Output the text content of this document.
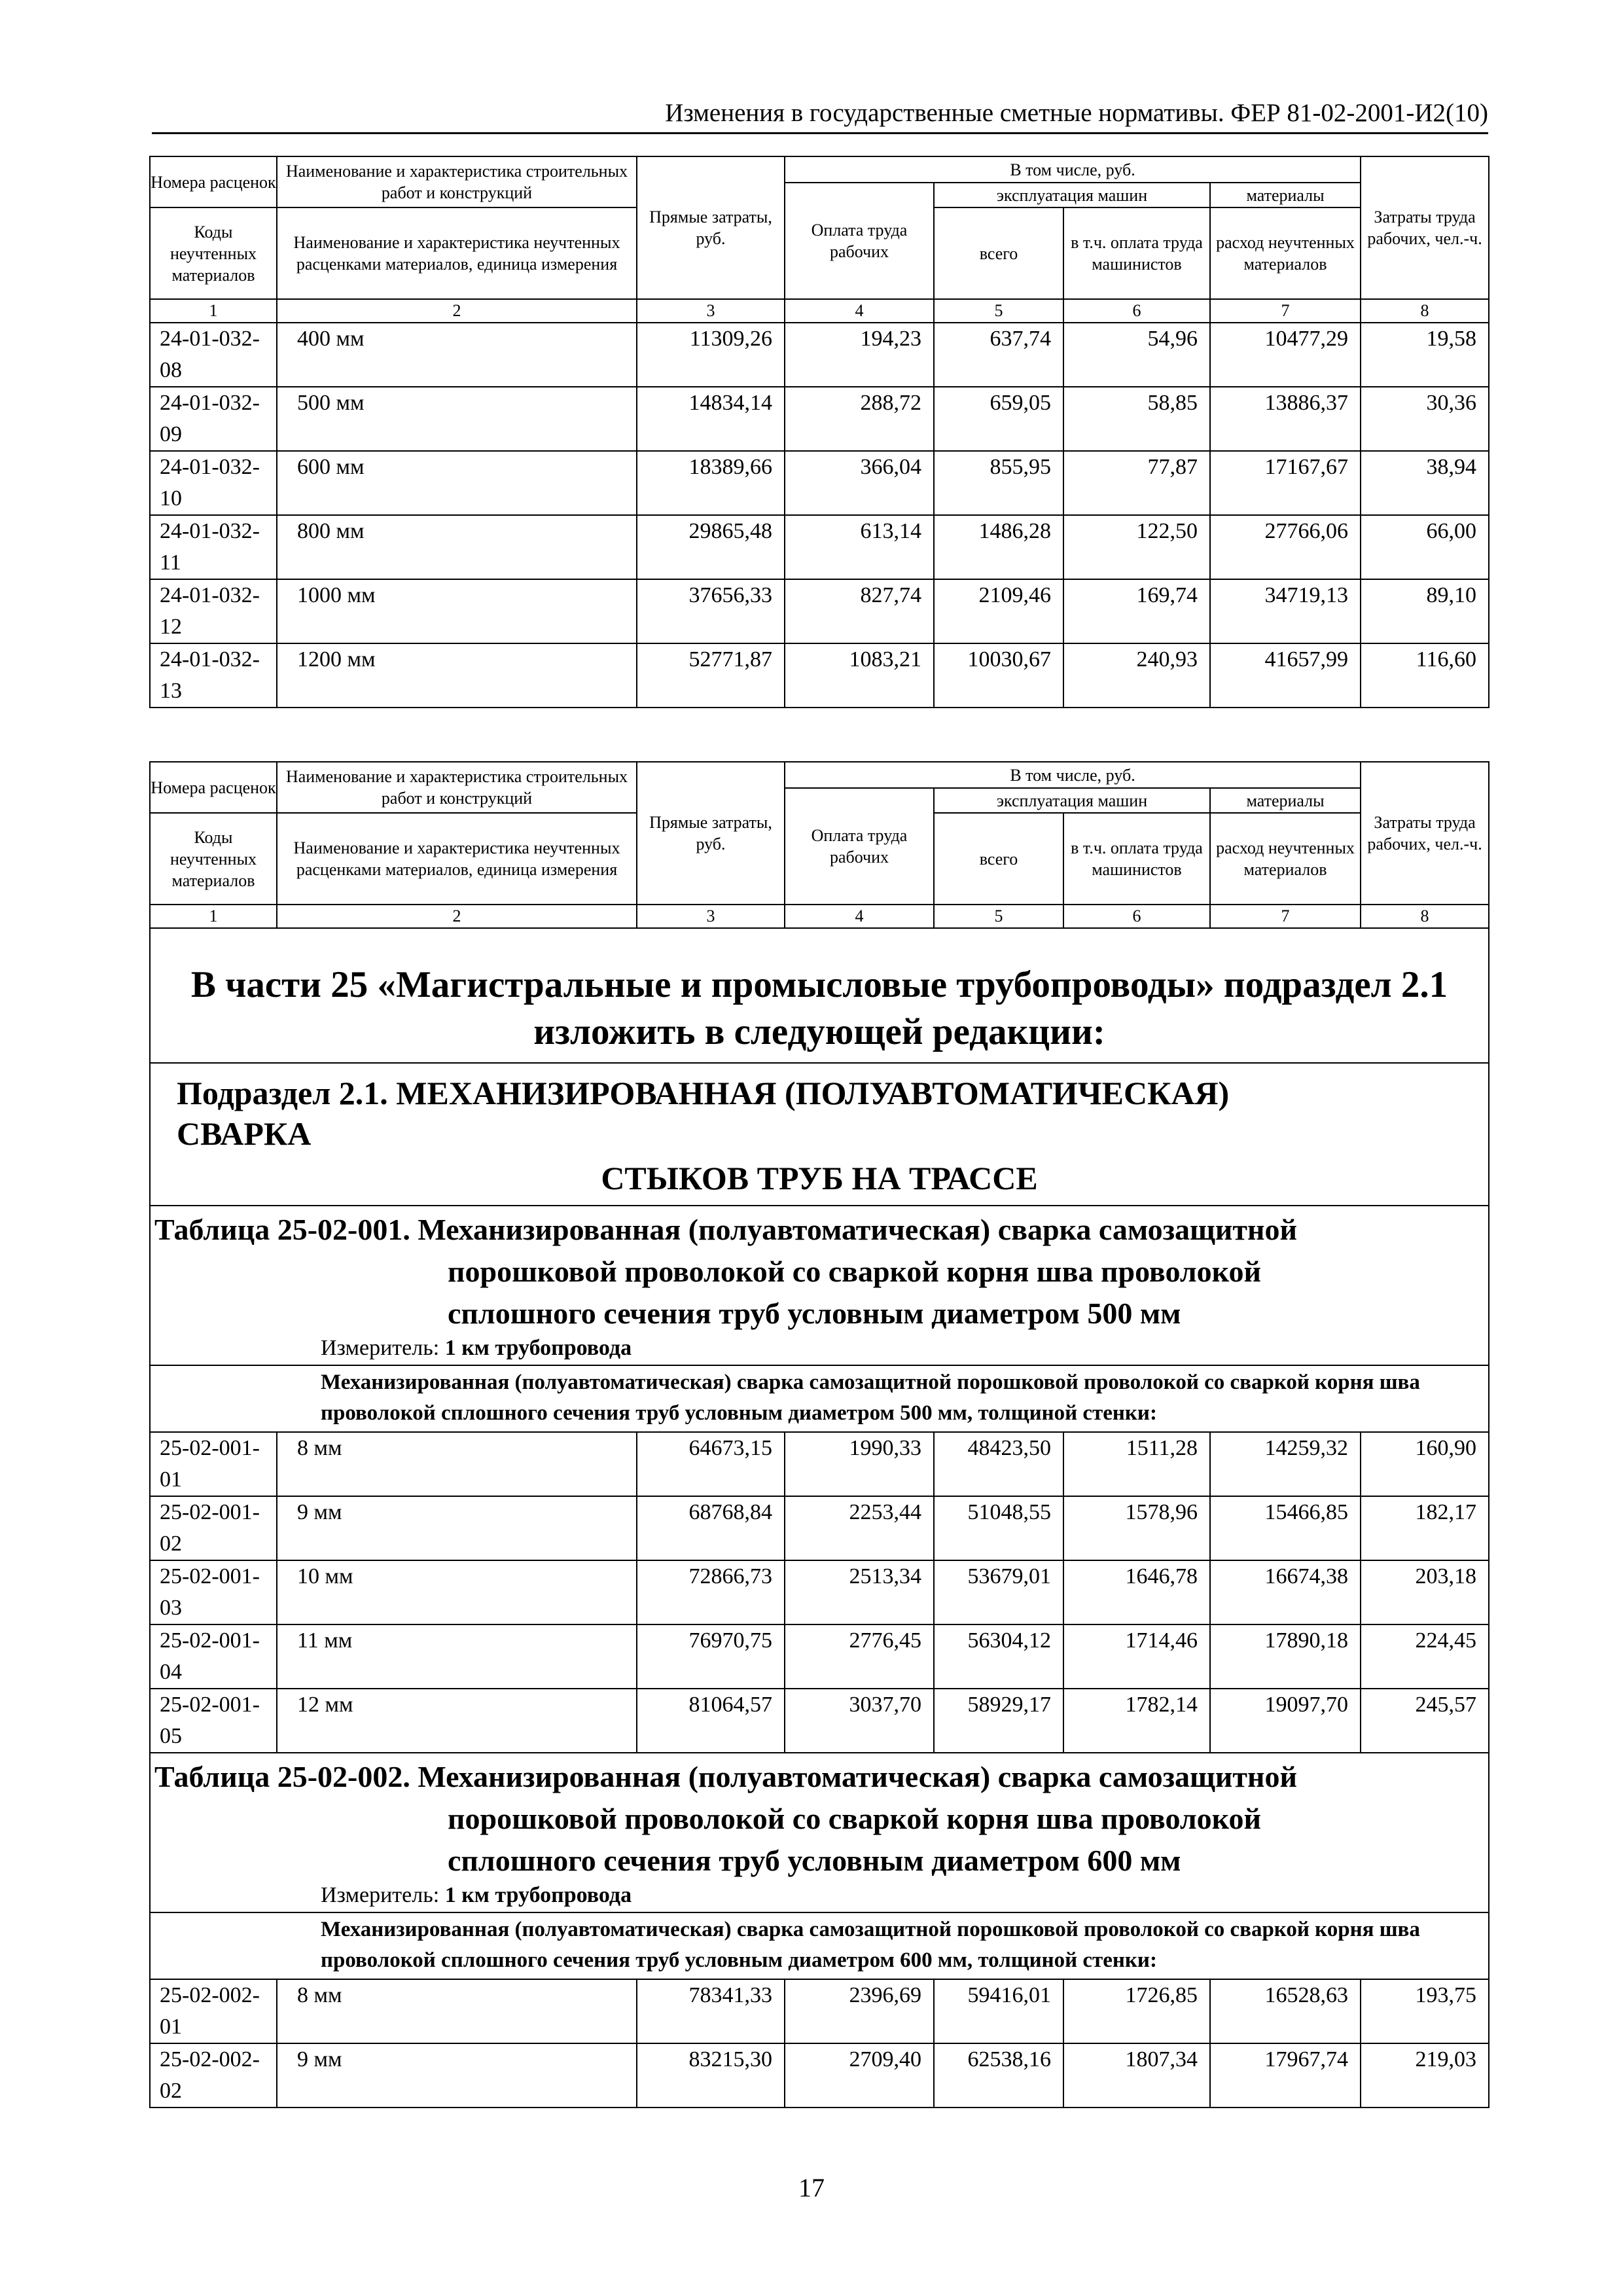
Изменения в государственные сметные нормативы. ФЕР 81-02-2001-И2(10)
Номера расценок	Наименование и характеристика строительных работ и конструкций	Прямые затраты, руб.	В том числе, руб.				Затраты труда рабочих, чел.-ч.
			Оплата труда рабочих	эксплуатация машин		материалы	
Коды неучтенных материалов	Наименование и характеристика неучтенных расценками материалов, единица измерения			всего	в т.ч. оплата труда машинистов	расход неучтенных материалов	

1	2	3	4	5	6	7	8
24-01-032-08	400 мм	11309,26	194,23	637,74	54,96	10477,29	19,58
24-01-032-09	500 мм	14834,14	288,72	659,05	58,85	13886,37	30,36
24-01-032-10	600 мм	18389,66	366,04	855,95	77,87	17167,67	38,94
24-01-032-11	800 мм	29865,48	613,14	1486,28	122,50	27766,06	66,00
24-01-032-12	1000 мм	37656,33	827,74	2109,46	169,74	34719,13	89,10
24-01-032-13	1200 мм	52771,87	1083,21	10030,67	240,93	41657,99	116,60
Номера расценок	Наименование и характеристика строительных работ и конструкций	Прямые затраты, руб.	В том числе, руб.				Затраты труда рабочих, чел.-ч.
			Оплата труда рабочих	эксплуатация машин		материалы	
Коды неучтенных материалов	Наименование и характеристика неучтенных расценками материалов, единица измерения			всего	в т.ч. оплата труда машинистов	расход неучтенных материалов	

1	2	3	4	5	6	7	8
В части 25 «Магистральные и промысловые трубопроводы» подраздел 2.1 изложить в следующей редакции:							
Подраздел 2.1. МЕХАНИЗИРОВАННАЯ (ПОЛУАВТОМАТИЧЕСКАЯ)
СВАРКА
СТЫКОВ ТРУБ НА ТРАССЕ							

Таблица 25-02-001. Механизированная (полуавтоматическая) сварка самозащитной
порошковой проволокой со сваркой корня шва проволокой
сплошного сечения труб условным диаметром 500 мм							

Измеритель: 1 км трубопровода							
Механизированная (полуавтоматическая) сварка самозащитной порошковой проволокой со сваркой корня шва проволокой сплошного сечения труб условным диаметром 500 мм, толщиной стенки:							
25-02-001-01	8 мм	64673,15	1990,33	48423,50	1511,28	14259,32	160,90
25-02-001-02	9 мм	68768,84	2253,44	51048,55	1578,96	15466,85	182,17
25-02-001-03	10 мм	72866,73	2513,34	53679,01	1646,78	16674,38	203,18
25-02-001-04	11 мм	76970,75	2776,45	56304,12	1714,46	17890,18	224,45
25-02-001-05	12 мм	81064,57	3037,70	58929,17	1782,14	19097,70	245,57
Таблица 25-02-002. Механизированная (полуавтоматическая) сварка самозащитной
порошковой проволокой со сваркой корня шва проволокой
сплошного сечения труб условным диаметром 600 мм							

Измеритель: 1 км трубопровода							
Механизированная (полуавтоматическая) сварка самозащитной порошковой проволокой со сваркой корня шва проволокой сплошного сечения труб условным диаметром 600 мм, толщиной стенки:							
25-02-002-01	8 мм	78341,33	2396,69	59416,01	1726,85	16528,63	193,75
25-02-002-02	9 мм	83215,30	2709,40	62538,16	1807,34	17967,74	219,03
17
